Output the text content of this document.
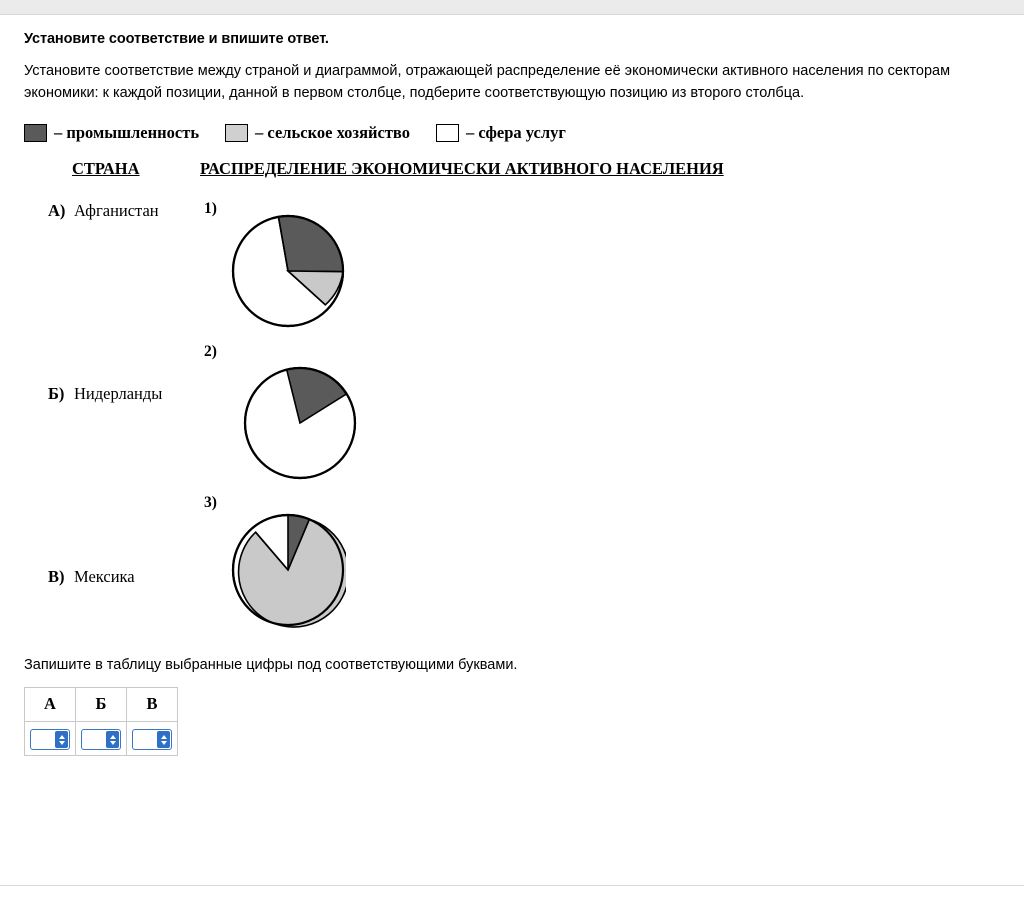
Установите соответствие и впишите ответ.
Установите соответствие между страной и диаграммой, отражающей распределение её экономически активного населения по секторам экономики: к каждой позиции, данной в первом столбце, подберите соответствующую позицию из второго столбца.
– промышленность	– сельское хозяйство	– сфера услуг
СТРАНА	РАСПРЕДЕЛЕНИЕ ЭКОНОМИЧЕСКИ АКТИВНОГО НАСЕЛЕНИЯ
А) Афганистан
Б) Нидерланды
В) Мексика
1)
2)
3)
Запишите в таблицу выбранные цифры под соответствующими буквами.
А	Б	В
